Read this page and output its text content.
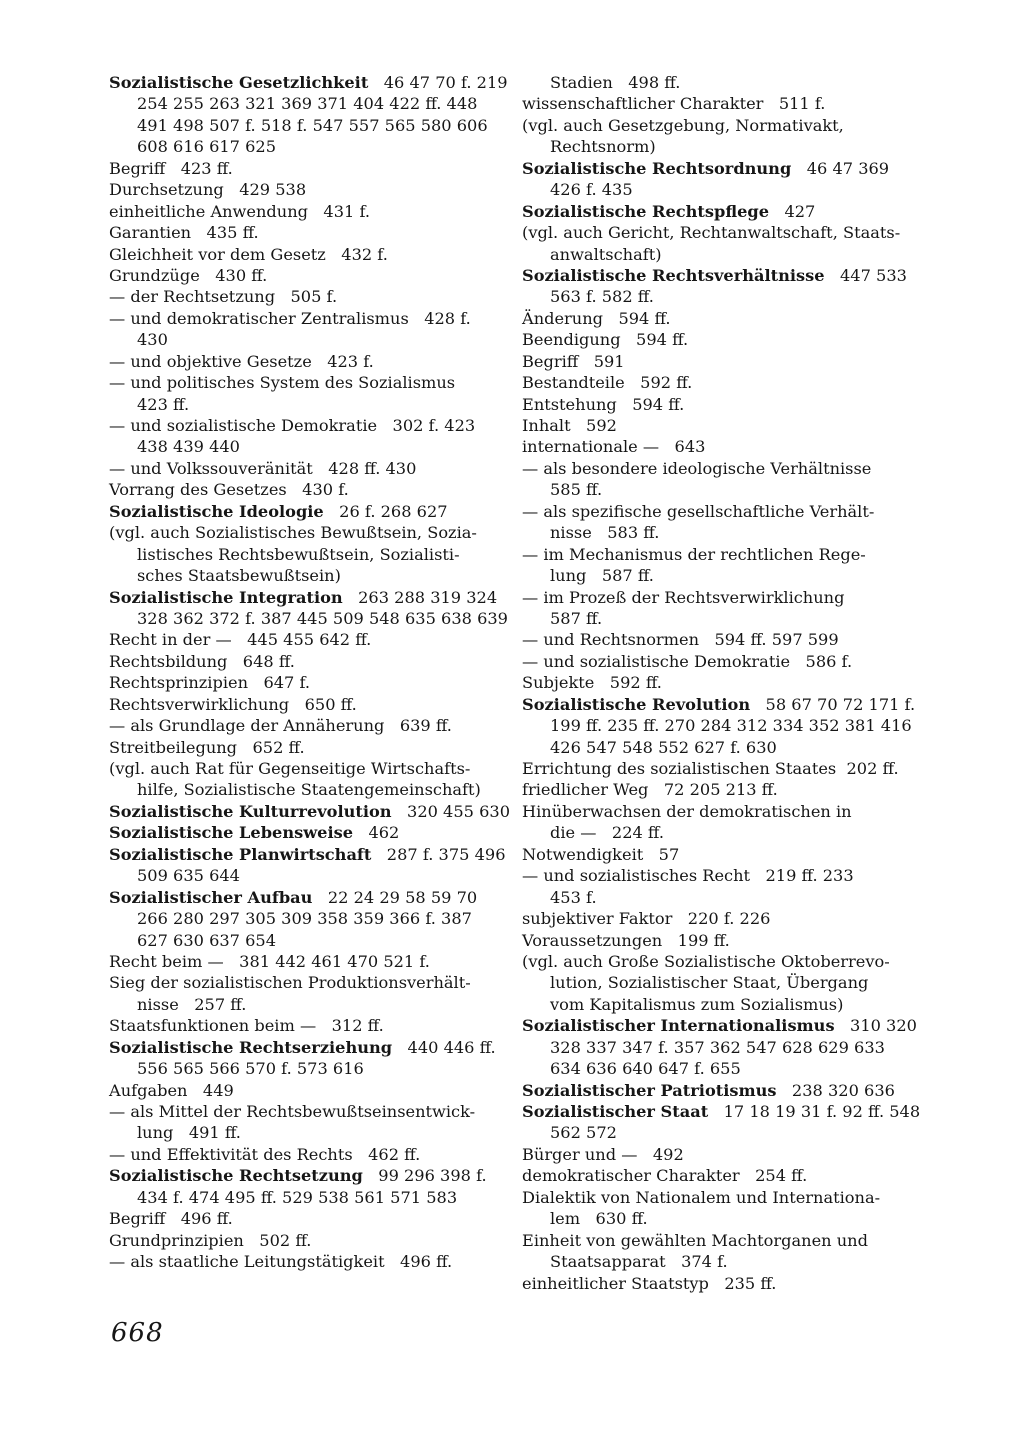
Sozialistische Gesetzlichkeit   46 47 70 f. 219
254 255 263 321 369 371 404 422 ff. 448
491 498 507 f. 518 f. 547 557 565 580 606
608 616 617 625
Begriff   423 ff.
Durchsetzung   429 538
einheitliche Anwendung   431 f.
Garantien   435 ff.
Gleichheit vor dem Gesetz   432 f.
Grundzüge   430 ff.
— der Rechtsetzung   505 f.
— und demokratischer Zentralismus   428 f.
430
— und objektive Gesetze   423 f.
— und politisches System des Sozialismus
423 ff.
— und sozialistische Demokratie   302 f. 423
438 439 440
— und Volkssouveränität   428 ff. 430
Vorrang des Gesetzes   430 f.
Sozialistische Ideologie   26 f. 268 627
(vgl. auch Sozialistisches Bewußtsein, Sozia-
listisches Rechtsbewußtsein, Sozialisti-
sches Staatsbewußtsein)
Sozialistische Integration   263 288 319 324
328 362 372 f. 387 445 509 548 635 638 639
Recht in der —   445 455 642 ff.
Rechtsbildung   648 ff.
Rechtsprinzipien   647 f.
Rechtsverwirklichung   650 ff.
— als Grundlage der Annäherung   639 ff.
Streitbeilegung   652 ff.
(vgl. auch Rat für Gegenseitige Wirtschafts-
hilfe, Sozialistische Staatengemeinschaft)
Sozialistische Kulturrevolution   320 455 630
Sozialistische Lebensweise   462
Sozialistische Planwirtschaft   287 f. 375 496
509 635 644
Sozialistischer Aufbau   22 24 29 58 59 70
266 280 297 305 309 358 359 366 f. 387
627 630 637 654
Recht beim —   381 442 461 470 521 f.
Sieg der sozialistischen Produktionsverhält-
nisse   257 ff.
Staatsfunktionen beim —   312 ff.
Sozialistische Rechtserziehung   440 446 ff.
556 565 566 570 f. 573 616
Aufgaben   449
— als Mittel der Rechtsbewußtseinsentwick-
lung   491 ff.
— und Effektivität des Rechts   462 ff.
Sozialistische Rechtsetzung   99 296 398 f.
434 f. 474 495 ff. 529 538 561 571 583
Begriff   496 ff.
Grundprinzipien   502 ff.
— als staatliche Leitungstätigkeit   496 ff.
Stadien   498 ff.
wissenschaftlicher Charakter   511 f.
(vgl. auch Gesetzgebung, Normativakt,
Rechtsnorm)
Sozialistische Rechtsordnung   46 47 369
426 f. 435
Sozialistische Rechtspflege   427
(vgl. auch Gericht, Rechtanwaltschaft, Staats-
anwaltschaft)
Sozialistische Rechtsverhältnisse   447 533
563 f. 582 ff.
Änderung   594 ff.
Beendigung   594 ff.
Begriff   591
Bestandteile   592 ff.
Entstehung   594 ff.
Inhalt   592
internationale —   643
— als besondere ideologische Verhältnisse
585 ff.
— als spezifische gesellschaftliche Verhält-
nisse   583 ff.
— im Mechanismus der rechtlichen Rege-
lung   587 ff.
— im Prozeß der Rechtsverwirklichung
587 ff.
— und Rechtsnormen   594 ff. 597 599
— und sozialistische Demokratie   586 f.
Subjekte   592 ff.
Sozialistische Revolution   58 67 70 72 171 f.
199 ff. 235 ff. 270 284 312 334 352 381 416
426 547 548 552 627 f. 630
Errichtung des sozialistischen Staates  202 ff.
friedlicher Weg   72 205 213 ff.
Hinüberwachsen der demokratischen in
die —   224 ff.
Notwendigkeit   57
— und sozialistisches Recht   219 ff. 233
453 f.
subjektiver Faktor   220 f. 226
Voraussetzungen   199 ff.
(vgl. auch Große Sozialistische Oktoberrevo-
lution, Sozialistischer Staat, Übergang
vom Kapitalismus zum Sozialismus)
Sozialistischer Internationalismus   310 320
328 337 347 f. 357 362 547 628 629 633
634 636 640 647 f. 655
Sozialistischer Patriotismus   238 320 636
Sozialistischer Staat   17 18 19 31 f. 92 ff. 548
562 572
Bürger und —   492
demokratischer Charakter   254 ff.
Dialektik von Nationalem und Internationa-
lem   630 ff.
Einheit von gewählten Machtorganen und
Staatsapparat   374 f.
einheitlicher Staatstyp   235 ff.
668
